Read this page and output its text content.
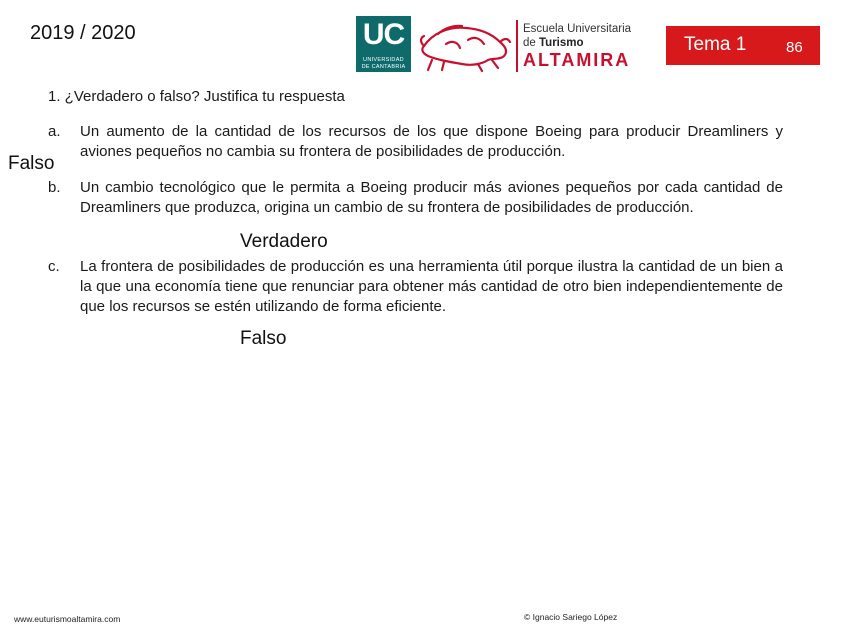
2019 / 2020	UC
UNIVERSIDAD
DE CANTABRIA
Escuela Universitaria
de Turismo
ALTAMIRA
Tema 1	86
1. ¿Verdadero o falso? Justifica tu respuesta
a.	Un aumento de la cantidad de los recursos de los que dispone Boeing para producir Dreamliners y aviones pequeños no cambia su frontera de posibilidades de producción.
b.	Un cambio tecnológico que le permita a Boeing producir más aviones pequeños por cada cantidad de Dreamliners que produzca, origina un cambio de su frontera de posibilidades de producción.
c.	La frontera de posibilidades de producción es una herramienta útil porque ilustra la cantidad de un bien a la que una economía tiene que renunciar para obtener más cantidad de otro bien independientemente de que los recursos se estén utilizando de forma eficiente.
Falso
Verdadero
Falso
www.euturismoaltamira.com	© Ignacio Sariego López
